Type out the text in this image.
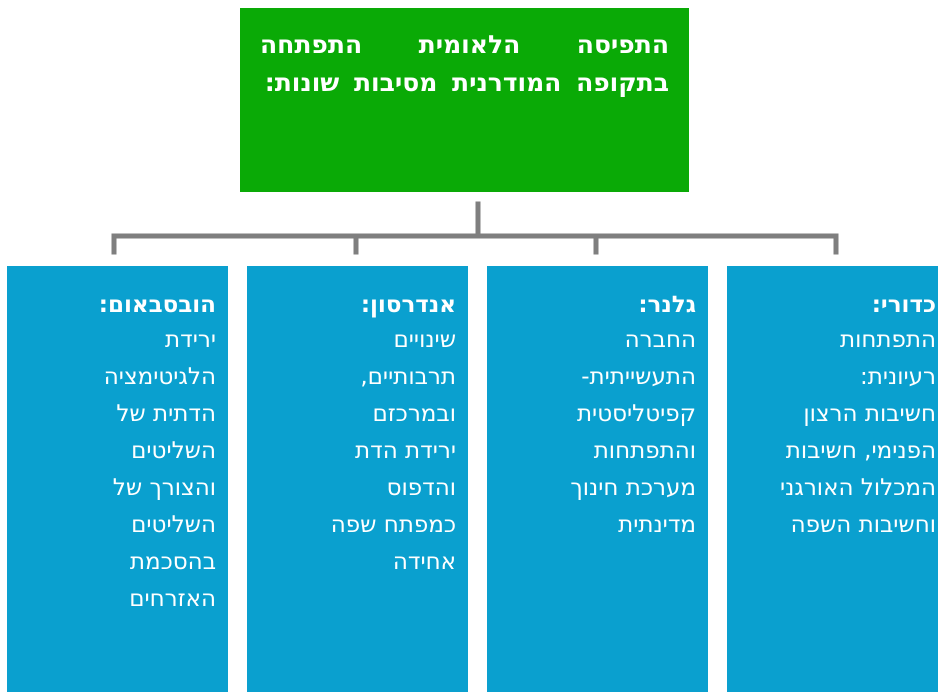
התפיסה הלאומית התפתחה בתקופה המודרנית מסיבות שונות:

כדורי:
התפתחות
רעיונית:
חשיבות הרצון
הפנימי, חשיבות
המכלול האורגני
וחשיבות השפה
גלנר:
החברה
התעשייתית-
קפיטליסטית
והתפתחות
מערכת חינוך
מדינתית
אנדרסון:
שינויים
תרבותיים,
ובמרכזם
ירידת הדת
והדפוס
כמפתח שפה
אחידה
הובסבאום:
ירידת
הלגיטימציה
הדתית של
השליטים
והצורך של
השליטים
בהסכמת
האזרחים
